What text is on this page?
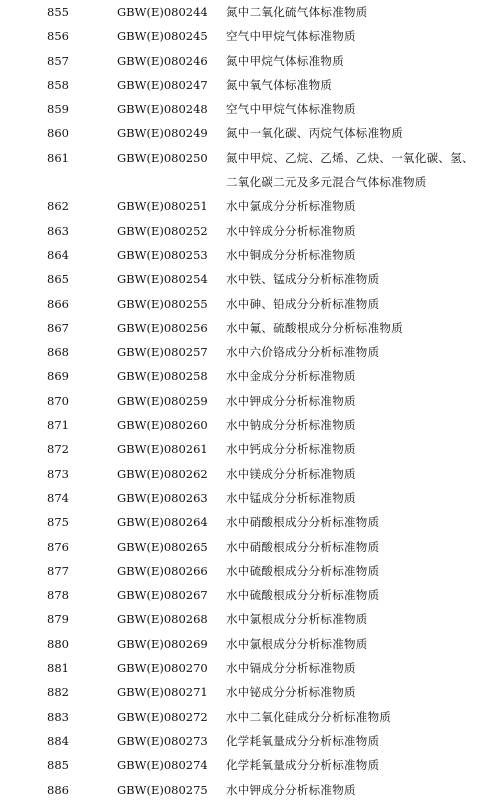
855	GBW(E)080244 氮中二氧化硫气体标准物质
856	GBW(E)080245 空气中甲烷气体标准物质
857	GBW(E)080246 氮中甲烷气体标准物质
858	GBW(E)080247 氮中氧气体标准物质
859	GBW(E)080248 空气中甲烷气体标准物质
860	GBW(E)080249 氮中一氧化碳、丙烷气体标准物质
861	GBW(E)080250 氮中甲烷、乙烷、乙烯、乙炔、一氧化碳、氢、二氧化碳二元及多元混合气体标准物质
862	GBW(E)080251 水中氯成分分析标准物质
863	GBW(E)080252 水中锌成分分析标准物质
864	GBW(E)080253 水中铜成分分析标准物质
865	GBW(E)080254 水中铁、锰成分分析标准物质
866	GBW(E)080255 水中砷、铅成分分析标准物质
867	GBW(E)080256 水中氟、硫酸根成分分析标准物质
868	GBW(E)080257 水中六价铬成分分析标准物质
869	GBW(E)080258 水中金成分分析标准物质
870	GBW(E)080259 水中钾成分分析标准物质
871	GBW(E)080260 水中钠成分分析标准物质
872	GBW(E)080261 水中钙成分分析标准物质
873	GBW(E)080262 水中镁成分分析标准物质
874	GBW(E)080263 水中锰成分分析标准物质
875	GBW(E)080264 水中硝酸根成分分析标准物质
876	GBW(E)080265 水中硝酸根成分分析标准物质
877	GBW(E)080266 水中硫酸根成分分析标准物质
878	GBW(E)080267 水中硫酸根成分分析标准物质
879	GBW(E)080268 水中氯根成分分析标准物质
880	GBW(E)080269 水中氯根成分分析标准物质
881	GBW(E)080270 水中镉成分分析标准物质
882	GBW(E)080271 水中铋成分分析标准物质
883	GBW(E)080272 水中二氧化硅成分分析标准物质
884	GBW(E)080273 化学耗氧量成分分析标准物质
885	GBW(E)080274 化学耗氧量成分分析标准物质
886	GBW(E)080275 水中钾成分分析标准物质
